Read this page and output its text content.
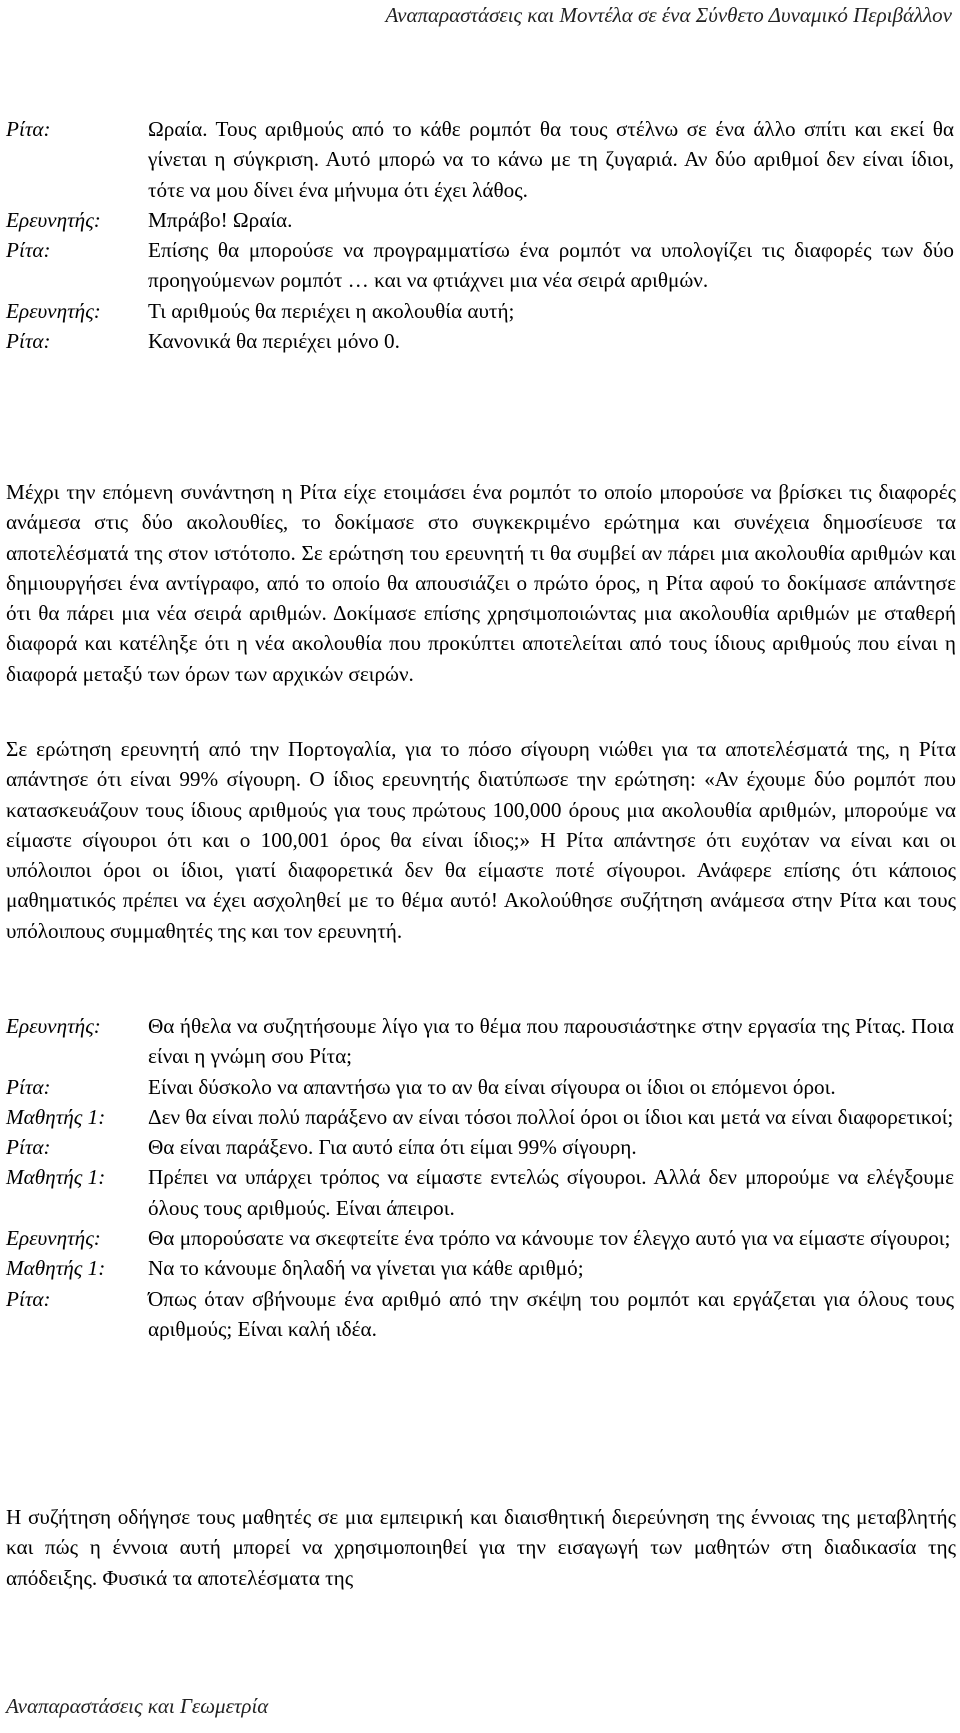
Αναπαραστάσεις και Μοντέλα σε ένα Σύνθετο Δυναμικό Περιβάλλον
Ρίτα:	Ωραία. Τους αριθμούς από το κάθε ρομπότ θα τους στέλνω σε ένα άλλο σπίτι και εκεί θα γίνεται η σύγκριση. Αυτό μπορώ να το κάνω με τη ζυγαριά. Αν δύο αριθμοί δεν είναι ίδιοι, τότε να μου δίνει ένα μήνυμα ότι έχει λάθος.
Ερευνητής:	Μπράβο! Ωραία.
Ρίτα:	Επίσης θα μπορούσε να προγραμματίσω ένα ρομπότ να υπολογίζει τις διαφορές των δύο προηγούμενων ρομπότ … και να φτιάχνει μια νέα σειρά αριθμών.
Ερευνητής:	Τι αριθμούς θα περιέχει η ακολουθία αυτή;
Ρίτα:	Κανονικά θα περιέχει μόνο 0.

Μέχρι την επόμενη συνάντηση η Ρίτα είχε ετοιμάσει ένα ρομπότ το οποίο μπορούσε να βρίσκει τις διαφορές ανάμεσα στις δύο ακολουθίες, το δοκίμασε στο συγκεκριμένο ερώτημα και συνέχεια δημοσίευσε τα αποτελέσματά της στον ιστότοπο. Σε ερώτηση του ερευνητή τι θα συμβεί αν πάρει μια ακολουθία αριθμών και δημιουργήσει ένα αντίγραφο, από το οποίο θα απουσιάζει ο πρώτο όρος, η Ρίτα αφού το δοκίμασε απάντησε ότι θα πάρει μια νέα σειρά αριθμών. Δοκίμασε επίσης χρησιμοποιώντας μια ακολουθία αριθμών με σταθερή διαφορά και κατέληξε ότι η νέα ακολουθία που προκύπτει αποτελείται από τους ίδιους αριθμούς που είναι η διαφορά μεταξύ των όρων των αρχικών σειρών.

Σε ερώτηση ερευνητή από την Πορτογαλία, για το πόσο σίγουρη νιώθει για τα αποτελέσματά της, η Ρίτα απάντησε ότι είναι 99% σίγουρη. Ο ίδιος ερευνητής διατύπωσε την ερώτηση: «Αν έχουμε δύο ρομπότ που κατασκευάζουν τους ίδιους αριθμούς για τους πρώτους 100,000 όρους μια ακολουθία αριθμών, μπορούμε να είμαστε σίγουροι ότι και ο 100,001 όρος θα είναι ίδιος;» Η Ρίτα απάντησε ότι ευχόταν να είναι και οι υπόλοιποι όροι οι ίδιοι, γιατί διαφορετικά δεν θα είμαστε ποτέ σίγουροι. Ανάφερε επίσης ότι κάποιος μαθηματικός πρέπει να έχει ασχοληθεί με το θέμα αυτό! Ακολούθησε συζήτηση ανάμεσα στην Ρίτα και τους υπόλοιπους συμμαθητές της και τον ερευνητή.

Ερευνητής:	Θα ήθελα να συζητήσουμε λίγο για το θέμα που παρουσιάστηκε στην εργασία της Ρίτας. Ποια είναι η γνώμη σου Ρίτα;
Ρίτα:	Είναι δύσκολο να απαντήσω για το αν θα είναι σίγουρα οι ίδιοι οι επόμενοι όροι.
Μαθητής 1:	Δεν θα είναι πολύ παράξενο αν είναι τόσοι πολλοί όροι οι ίδιοι και μετά να είναι διαφορετικοί;
Ρίτα:	Θα είναι παράξενο. Για αυτό είπα ότι είμαι 99% σίγουρη.
Μαθητής 1:	Πρέπει να υπάρχει τρόπος να είμαστε εντελώς σίγουροι. Αλλά δεν μπορούμε να ελέγξουμε όλους τους αριθμούς. Είναι άπειροι.
Ερευνητής:	Θα μπορούσατε να σκεφτείτε ένα τρόπο να κάνουμε τον έλεγχο αυτό για να είμαστε σίγουροι;
Μαθητής 1:	Να το κάνουμε δηλαδή να γίνεται για κάθε αριθμό;
Ρίτα:	Όπως όταν σβήνουμε ένα αριθμό από την σκέψη του ρομπότ και εργάζεται για όλους τους αριθμούς; Είναι καλή ιδέα.

Η συζήτηση οδήγησε τους μαθητές σε μια εμπειρική και διαισθητική διερεύνηση της έννοιας της μεταβλητής και πώς η έννοια αυτή μπορεί να χρησιμοποιηθεί για την εισαγωγή των μαθητών στη διαδικασία της απόδειξης. Φυσικά τα αποτελέσματα της

Αναπαραστάσεις και Γεωμετρία
